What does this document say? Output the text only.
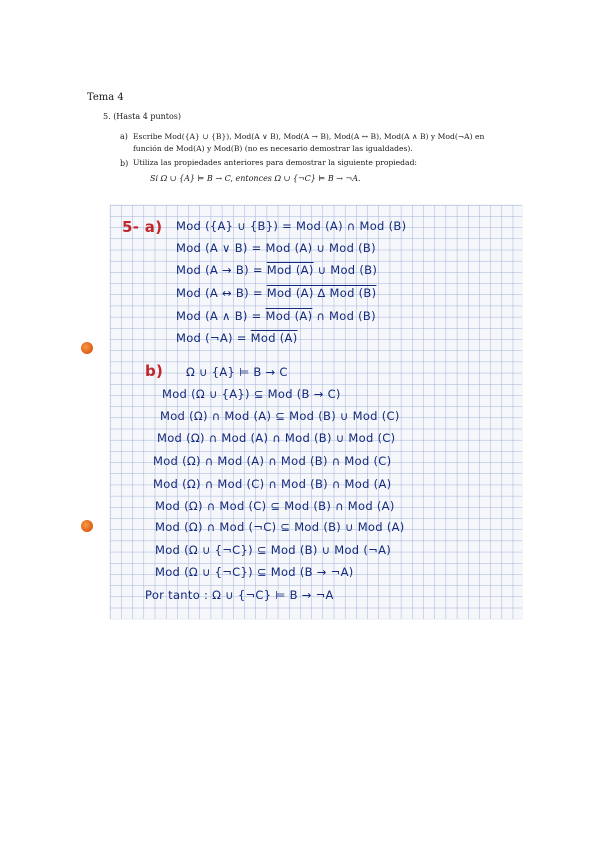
Tema 4
5. (Hasta 4 puntos)
a) Escribe Mod({A} ∪ {B}), Mod(A ∨ B), Mod(A → B), Mod(A ↔ B), Mod(A ∧ B) y Mod(¬A) en
función de Mod(A) y Mod(B) (no es necesario demostrar las igualdades).
b) Utiliza las propiedades anteriores para demostrar la siguiente propiedad:
Si Ω ∪ {A} ⊨ B → C, entonces Ω ∪ {¬C} ⊨ B → ¬A.
5- a) Mod ({A} ∪ {B}) = Mod (A) ∩ Mod (B)
Mod (A ∨ B) = Mod (A) ∪ Mod (B)
Mod (A → B) = Mod (A) ∪ Mod (B)
Mod (A ↔ B) = Mod (A) ∆ Mod (B)
Mod (A ∧ B) = Mod (A) ∩ Mod (B)
Mod (¬A) = Mod (A)
b) Ω ∪ {A} ⊨ B → C
Mod (Ω ∪ {A}) ⊆ Mod (B → C)
Mod (Ω) ∩ Mod (A) ⊆ Mod (B) ∪ Mod (C)
Mod (Ω) ∩ Mod (A) ∩ Mod (B) ∪ Mod (C)
Mod (Ω) ∩ Mod (A) ∩ Mod (B) ∩ Mod (C)
Mod (Ω) ∩ Mod (C) ∩ Mod (B) ∩ Mod (A)
Mod (Ω) ∩ Mod (C) ⊆ Mod (B) ∩ Mod (A)
Mod (Ω) ∩ Mod (¬C) ⊆ Mod (B) ∪ Mod (A)
Mod (Ω ∪ {¬C}) ⊆ Mod (B) ∪ Mod (¬A)
Mod (Ω ∪ {¬C}) ⊆ Mod (B → ¬A)
Por tanto : Ω ∪ {¬C} ⊨ B → ¬A
